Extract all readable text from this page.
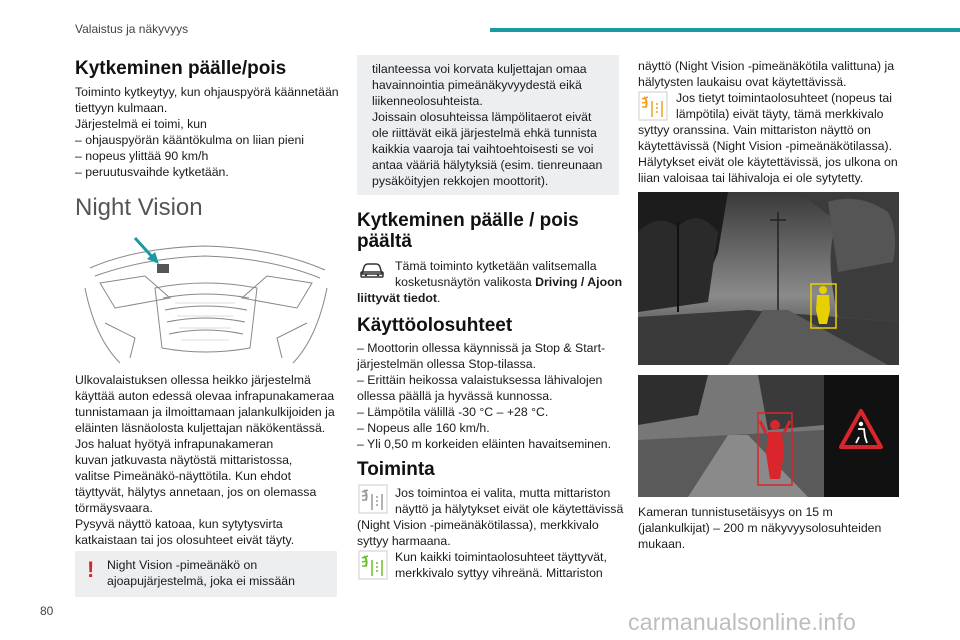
Valaistus ja näkyvyys
Kytkeminen päälle/pois

Toiminto kytkeytyy, kun ohjauspyörä käännetään

tiettyyn kulmaan.

Järjestelmä ei toimi, kun

– ohjauspyörän kääntökulma on liian pieni

– nopeus ylittää 90 km/h

– peruutusvaihde kytketään.

Night Vision

Ulkovalaistuksen ollessa heikko järjestelmä

käyttää auton edessä olevaa infrapunakameraa

tunnistamaan ja ilmoittamaan jalankulkijoiden ja

eläinten läsnäolosta kuljettajan näkökentässä.

Jos haluat hyötyä infrapunakameran

kuvan jatkuvasta näytöstä mittaristossa,

valitse Pimeänäkö-näyttötila. Kun ehdot

täyttyvät, hälytys annetaan, jos on olemassa

törmäysvaara.

Pysyvä näyttö katoaa, kun sytytysvirta

katkaistaan tai jos olosuhteet eivät täyty.

! Night Vision -pimeänäkö on

ajoapujärjestelmä, joka ei missään

tilanteessa voi korvata kuljettajan omaa

havainnointia pimeänäkyvyydestä eikä

liikenneolosuhteista.

Joissain olosuhteissa lämpölitaerot eivät

ole riittävät eikä järjestelmä ehkä tunnista

kaikkia vaaroja tai vaihtoehtoisesti se voi

antaa vääriä hälytyksiä (esim. tienreunaan

pysäköityjen rekkojen moottorit).

Kytkeminen päälle / pois
päältä

Tämä toiminto kytketään valitsemalla

kosketusnäytön valikosta Driving / Ajoon

liittyvät tiedot.

Käyttöolosuhteet

– Moottorin ollessa käynnissä ja Stop & Start-

järjestelmän ollessa Stop-tilassa.

– Erittäin heikossa valaistuksessa lähivalojen

ollessa päällä ja hyvässä kunnossa.

– Lämpötila välillä -30 °C – +28 °C.

– Nopeus alle 160 km/h.

– Yli 0,50 m korkeiden eläinten havaitseminen.

Toiminta

Jos toimintoa ei valita, mutta mittariston

näyttö ja hälytykset eivät ole käytettävissä

(Night Vision -pimeänäkötilassa), merkkivalo

syttyy harmaana.

Kun kaikki toimintaolosuhteet täyttyvät,

merkkivalo syttyy vihreänä. Mittariston

näyttö (Night Vision -pimeänäkötila valittuna) ja

hälytysten laukaisu ovat käytettävissä.

Jos tietyt toimintaolosuhteet (nopeus tai

lämpötila) eivät täyty, tämä merkkivalo

syttyy oranssina. Vain mittariston näyttö on

käytettävissä (Night Vision -pimeänäkötilassa).

Hälytykset eivät ole käytettävissä, jos ulkona on

liian valoisaa tai lähivaloja ei ole sytytetty.

Kameran tunnistusetäisyys on 15 m

(jalankulkijat) – 200 m näkyvyysolosuhteiden

mukaan.

80	carmanualsonline.info
